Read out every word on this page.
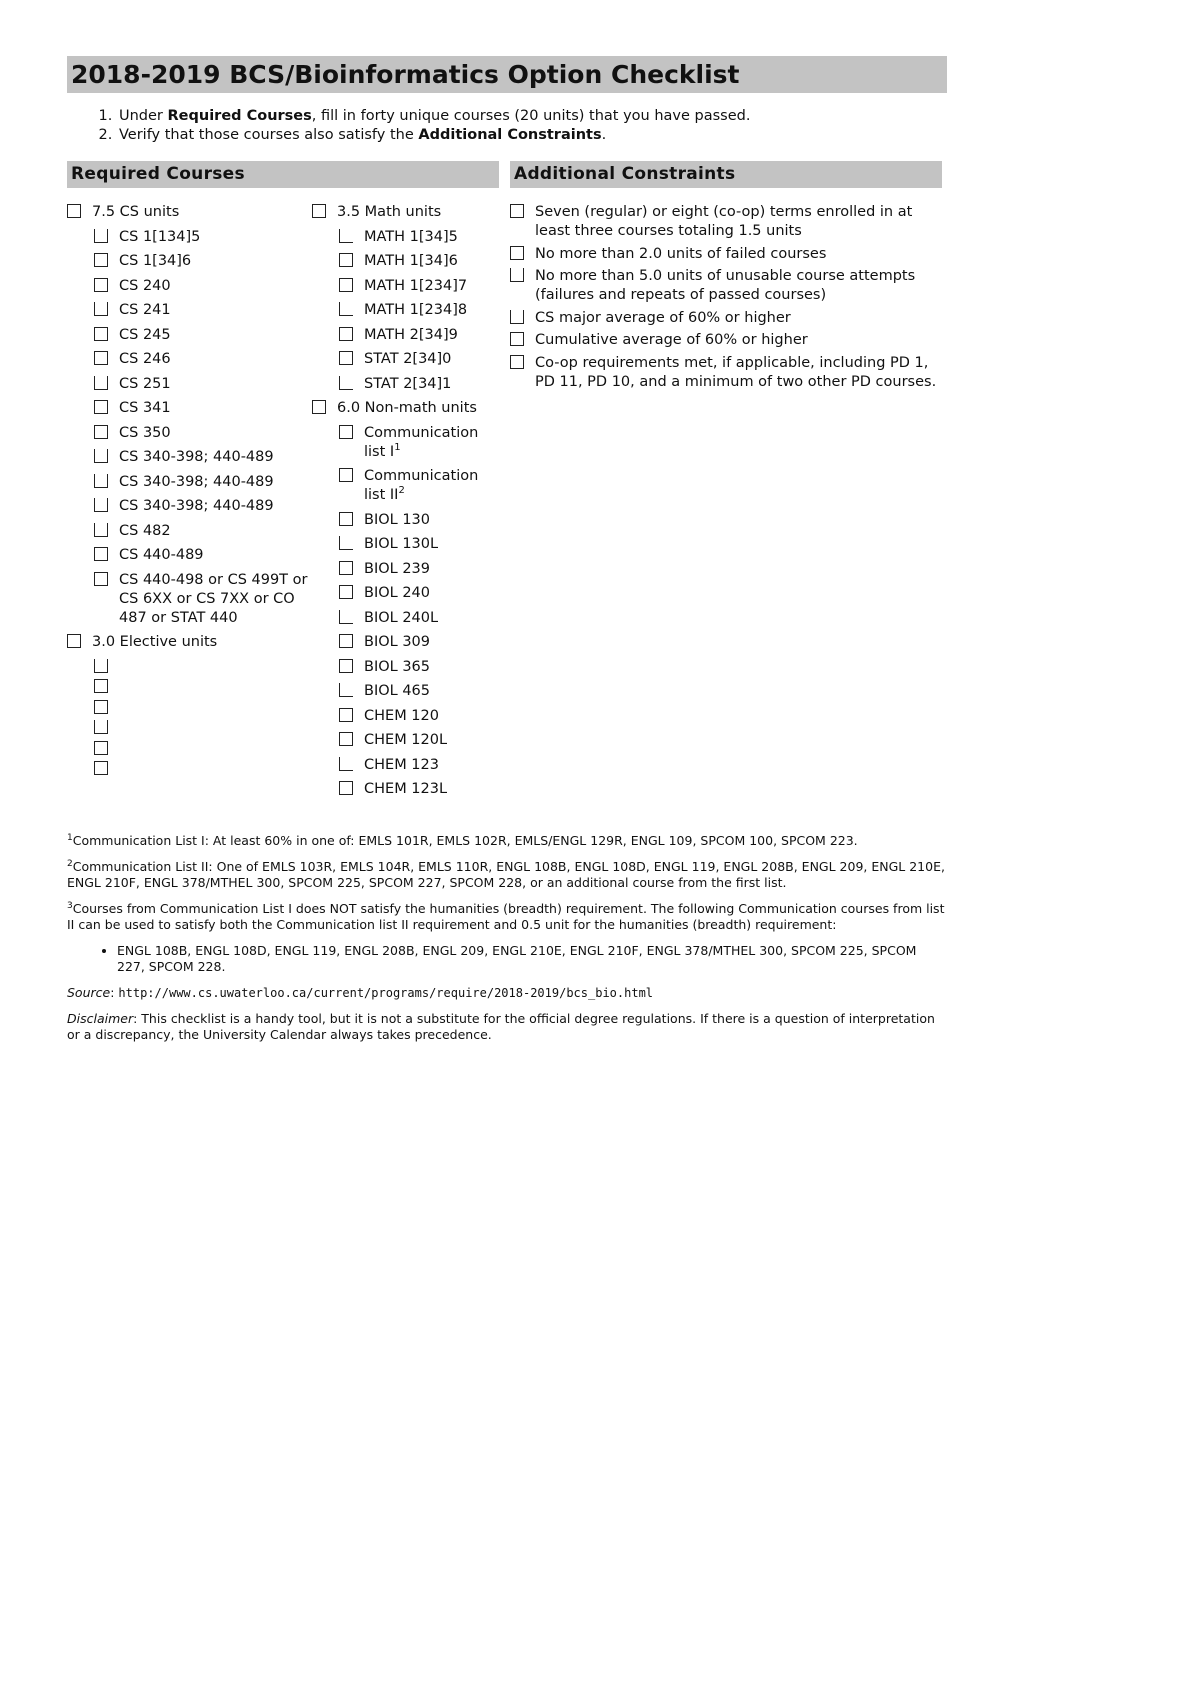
2018-2019 BCS/Bioinformatics Option Checklist
1. Under Required Courses, fill in forty unique courses (20 units) that you have passed.
2. Verify that those courses also satisfy the Additional Constraints.
Required Courses
7.5 CS units
CS 1[134]5
CS 1[34]6
CS 240
CS 241
CS 245
CS 246
CS 251
CS 341
CS 350
CS 340-398; 440-489
CS 340-398; 440-489
CS 340-398; 440-489
CS 482
CS 440-489
CS 440-498 or CS 499T or CS 6XX or CS 7XX or CO 487 or STAT 440
3.0 Elective units
3.5 Math units
MATH 1[34]5
MATH 1[34]6
MATH 1[234]7
MATH 1[234]8
MATH 2[34]9
STAT 2[34]0
STAT 2[34]1
6.0 Non-math units
Communication list $I^1$
Communication list $II^2$
BIOL 130
BIOL 130L
BIOL 239
BIOL 240
BIOL 240L
BIOL 309
BIOL 365
BIOL 465
CHEM 120
CHEM 120L
CHEM 123
CHEM 123L
Additional Constraints
Seven (regular) or eight (co-op) terms enrolled in at least three courses totaling 1.5 units
No more than 2.0 units of failed courses
No more than 5.0 units of unusable course attempts (failures and repeats of passed courses)
CS major average of 60% or higher
Cumulative average of 60% or higher
Co-op requirements met, if applicable, including PD 1, PD 11, PD 10, and a minimum of two other PD courses.

$^1$Communication List I: At least 60% in one of: EMLS 101R, EMLS 102R, EMLS/ENGL 129R, ENGL 109, SPCOM 100, SPCOM 223.

$^2$Communication List II: One of EMLS 103R, EMLS 104R, EMLS 110R, ENGL 108B, ENGL 108D, ENGL 119, ENGL 208B, ENGL 209, ENGL 210E, ENGL 210F, ENGL 378/MTHEL 300, SPCOM 225, SPCOM 227, SPCOM 228, or an additional course from the first list.

$^3$Courses from Communication List I does NOT satisfy the humanities (breadth) requirement. The following Communication courses from list II can be used to satisfy both the Communication list II requirement and 0.5 unit for the humanities (breadth) requirement:

• ENGL 108B, ENGL 108D, ENGL 119, ENGL 208B, ENGL 209, ENGL 210E, ENGL 210F, ENGL 378/MTHEL 300, SPCOM 225, SPCOM 227, SPCOM 228.

Source: http://www.cs.uwaterloo.ca/current/programs/require/2018-2019/bcs_bio.html

Disclaimer: This checklist is a handy tool, but it is not a substitute for the official degree regulations. If there is a question of interpretation or a discrepancy, the University Calendar always takes precedence.
